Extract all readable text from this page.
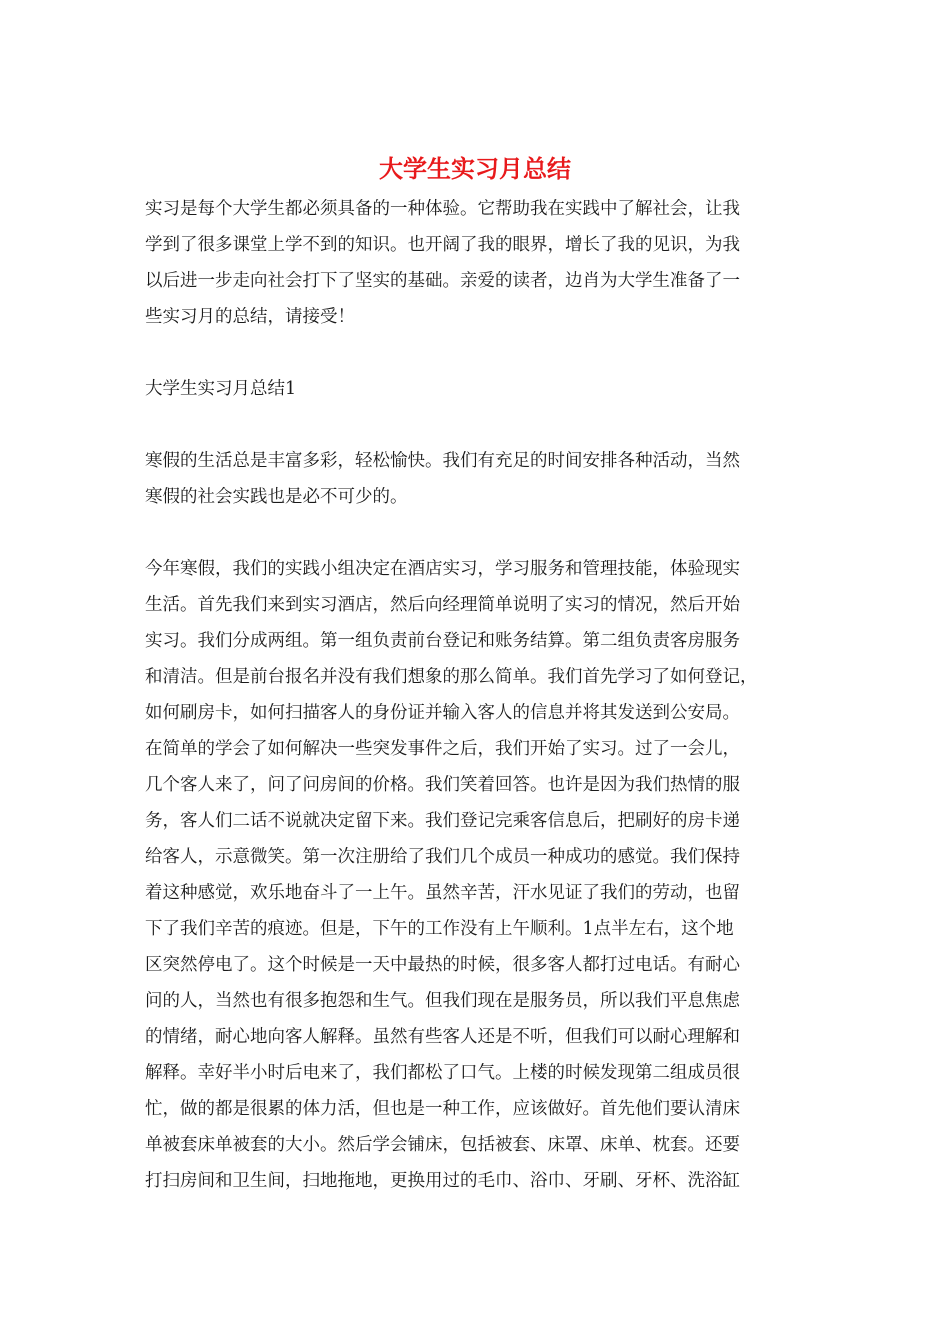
大学生实习月总结
实习是每个大学生都必须具备的一种体验。它帮助我在实践中了解社会，让我
学到了很多课堂上学不到的知识。也开阔了我的眼界，增长了我的见识，为我
以后进一步走向社会打下了坚实的基础。亲爱的读者，边肖为大学生准备了一
些实习月的总结，请接受！
大学生实习月总结1
寒假的生活总是丰富多彩，轻松愉快。我们有充足的时间安排各种活动，当然
寒假的社会实践也是必不可少的。
今年寒假，我们的实践小组决定在酒店实习，学习服务和管理技能，体验现实
生活。首先我们来到实习酒店，然后向经理简单说明了实习的情况，然后开始
实习。我们分成两组。第一组负责前台登记和账务结算。第二组负责客房服务
和清洁。但是前台报名并没有我们想象的那么简单。我们首先学习了如何登记，
如何刷房卡，如何扫描客人的身份证并输入客人的信息并将其发送到公安局。
在简单的学会了如何解决一些突发事件之后，我们开始了实习。过了一会儿，
几个客人来了，问了问房间的价格。我们笑着回答。也许是因为我们热情的服
务，客人们二话不说就决定留下来。我们登记完乘客信息后，把刷好的房卡递
给客人，示意微笑。第一次注册给了我们几个成员一种成功的感觉。我们保持
着这种感觉，欢乐地奋斗了一上午。虽然辛苦，汗水见证了我们的劳动，也留
下了我们辛苦的痕迹。但是，下午的工作没有上午顺利。1点半左右，这个地
区突然停电了。这个时候是一天中最热的时候，很多客人都打过电话。有耐心
问的人，当然也有很多抱怨和生气。但我们现在是服务员，所以我们平息焦虑
的情绪，耐心地向客人解释。虽然有些客人还是不听，但我们可以耐心理解和
解释。幸好半小时后电来了，我们都松了口气。上楼的时候发现第二组成员很
忙，做的都是很累的体力活，但也是一种工作，应该做好。首先他们要认清床
单被套床单被套的大小。然后学会铺床，包括被套、床罩、床单、枕套。还要
打扫房间和卫生间，扫地拖地，更换用过的毛巾、浴巾、牙刷、牙杯、洗浴缸
